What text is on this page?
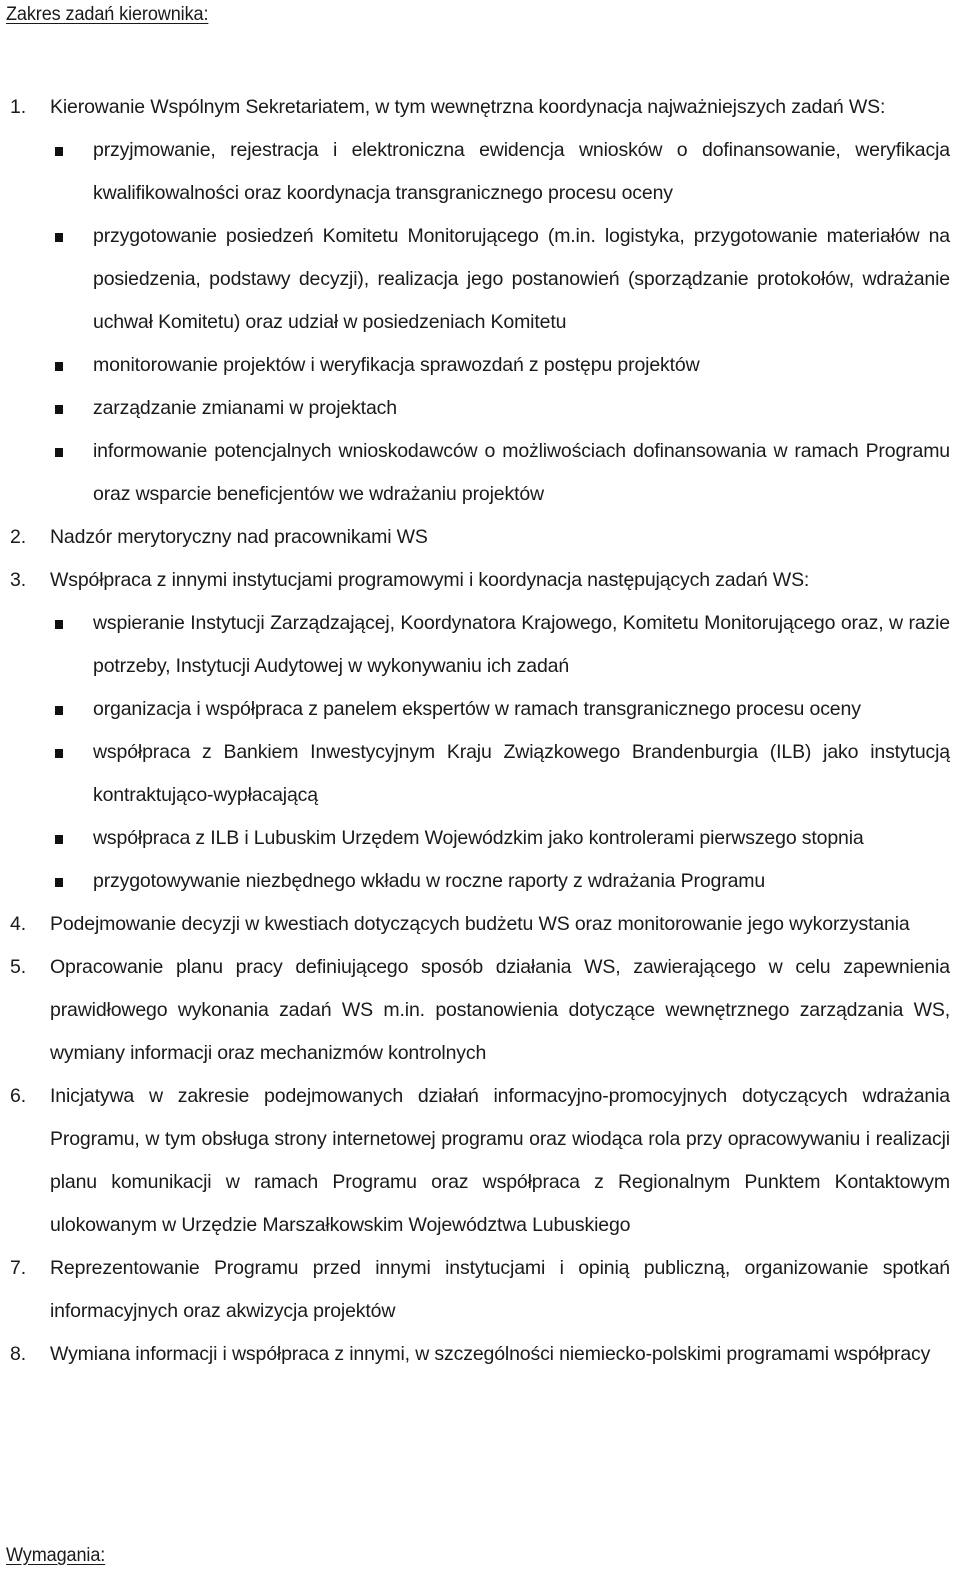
Zakres zadań kierownika:
1. Kierowanie Wspólnym Sekretariatem, w tym wewnętrzna koordynacja najważniejszych zadań WS:
przyjmowanie, rejestracja i elektroniczna ewidencja wniosków o dofinansowanie, weryfikacja kwalifikowalności oraz koordynacja transgranicznego procesu oceny
przygotowanie posiedzeń Komitetu Monitorującego (m.in. logistyka, przygotowanie materiałów na posiedzenia, podstawy decyzji), realizacja jego postanowień (sporządzanie protokołów, wdrażanie uchwał Komitetu) oraz udział w posiedzeniach Komitetu
monitorowanie projektów i weryfikacja sprawozdań z postępu projektów
zarządzanie zmianami w projektach
informowanie potencjalnych wnioskodawców o możliwościach dofinansowania w ramach Programu oraz wsparcie beneficjentów we wdrażaniu projektów
2. Nadzór merytoryczny nad pracownikami WS
3. Współpraca z innymi instytucjami programowymi i koordynacja następujących zadań WS:
wspieranie Instytucji Zarządzającej, Koordynatora Krajowego, Komitetu Monitorującego oraz, w razie potrzeby, Instytucji Audytowej w wykonywaniu ich zadań
organizacja i współpraca z panelem ekspertów w ramach transgranicznego procesu oceny
współpraca z Bankiem Inwestycyjnym Kraju Związkowego Brandenburgia (ILB) jako instytucją kontraktująco-wypłacającą
współpraca z ILB i Lubuskim Urzędem Wojewódzkim jako kontrolerami pierwszego stopnia
przygotowywanie niezbędnego wkładu w roczne raporty z wdrażania Programu
4. Podejmowanie decyzji w kwestiach dotyczących budżetu WS oraz monitorowanie jego wykorzystania
5. Opracowanie planu pracy definiującego sposób działania WS, zawierającego w celu zapewnienia prawidłowego wykonania zadań WS m.in. postanowienia dotyczące wewnętrznego zarządzania WS, wymiany informacji oraz mechanizmów kontrolnych
6. Inicjatywa w zakresie podejmowanych działań informacyjno-promocyjnych dotyczących wdrażania Programu, w tym obsługa strony internetowej programu oraz wiodąca rola przy opracowywaniu i realizacji planu komunikacji w ramach Programu oraz współpraca z Regionalnym Punktem Kontaktowym ulokowanym w Urzędzie Marszałkowskim Województwa Lubuskiego
7. Reprezentowanie Programu przed innymi instytucjami i opinią publiczną, organizowanie spotkań informacyjnych oraz akwizycja projektów
8. Wymiana informacji i współpraca z innymi, w szczególności niemiecko-polskimi programami współpracy
Wymagania:
